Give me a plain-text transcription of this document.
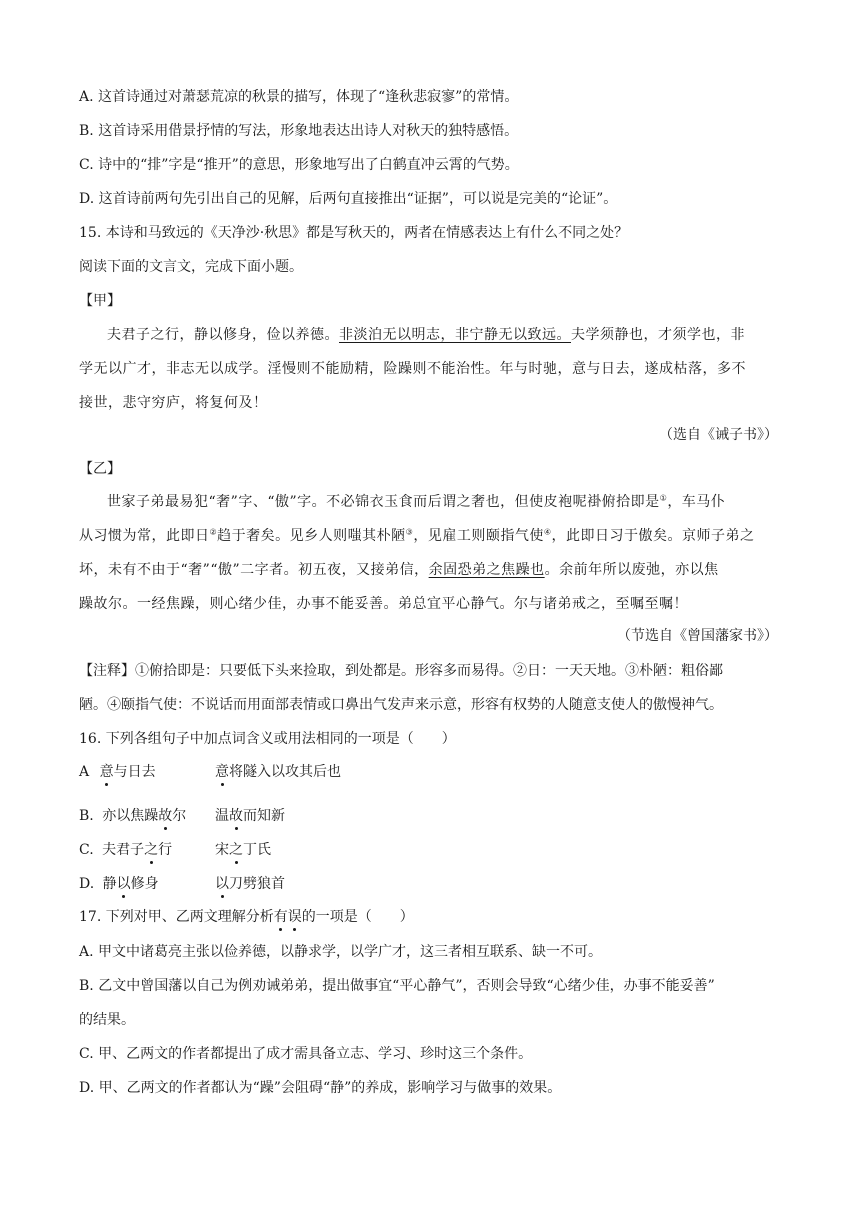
A. 这首诗通过对萧瑟荒凉的秋景的描写，体现了“逢秋悲寂寥”的常情。
B. 这首诗采用借景抒情的写法，形象地表达出诗人对秋天的独特感悟。
C. 诗中的“排”字是“推开”的意思，形象地写出了白鹤直冲云霄的气势。
D. 这首诗前两句先引出自己的见解，后两句直接推出“证据”，可以说是完美的“论证”。
15. 本诗和马致远的《天净沙·秋思》都是写秋天的，两者在情感表达上有什么不同之处？
阅读下面的文言文，完成下面小题。
【甲】
夫君子之行，静以修身，俭以养德。非淡泊无以明志，非宁静无以致远。夫学须静也，才须学也，非
学无以广才，非志无以成学。淫慢则不能励精，险躁则不能治性。年与时驰，意与日去，遂成枯落，多不
接世，悲守穷庐，将复何及！
（选自《诫子书》）
【乙】
世家子弟最易犯“奢”字、“傲”字。不必锦衣玉食而后谓之奢也，但使皮袍呢褂俯拾即是①，车马仆
从习惯为常，此即日②趋于奢矣。见乡人则嗤其朴陋③，见雇工则颐指气使④，此即日习于傲矣。京师子弟之
坏，未有不由于“奢”“傲”二字者。初五夜，又接弟信，余固恐弟之焦躁也。余前年所以废弛，亦以焦
躁故尔。一经焦躁，则心绪少佳，办事不能妥善。弟总宜平心静气。尔与诸弟戒之，至嘱至嘱！
（节选自《曾国藩家书》）
【注释】①俯拾即是：只要低下头来捡取，到处都是。形容多而易得。②日：一天天地。③朴陋：粗俗鄙
陋。④颐指气使：不说话而用面部表情或口鼻出气发声来示意，形容有权势的人随意支使人的傲慢神气。
16. 下列各组句子中加点词含义或用法相同的一项是（　　）
A 意与日去	意将隧入以攻其后也
B. 亦以焦躁故尔 温故而知新
C. 夫君子之行	宋之丁氏
D. 静以修身	以刀劈狼首
17. 下列对甲、乙两文理解分析有误的一项是（　　）
A. 甲文中诸葛亮主张以俭养德，以静求学，以学广才，这三者相互联系、缺一不可。
B. 乙文中曾国藩以自己为例劝诫弟弟，提出做事宜“平心静气”，否则会导致“心绪少佳，办事不能妥善”
的结果。
C. 甲、乙两文的作者都提出了成才需具备立志、学习、珍时这三个条件。
D. 甲、乙两文的作者都认为“躁”会阻碍“静”的养成，影响学习与做事的效果。
